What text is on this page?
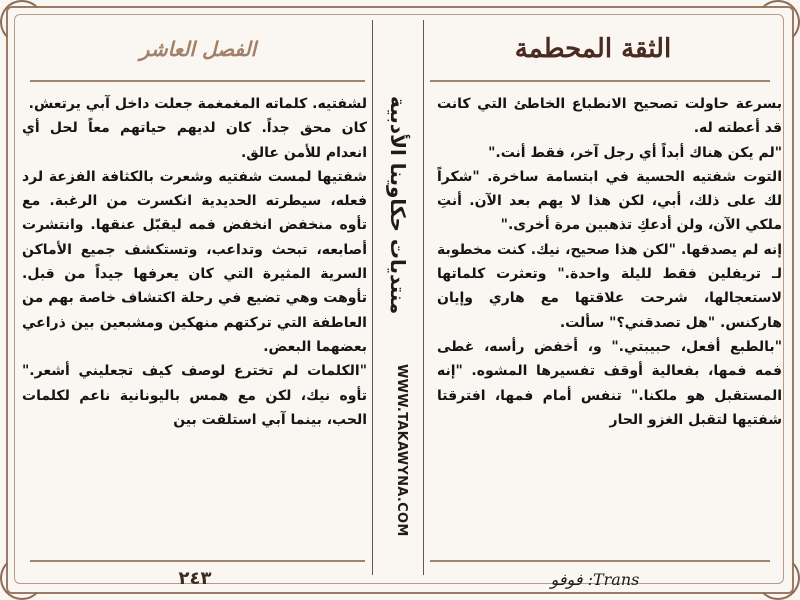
الثقة المحطمة
الفصل العاشر

بسرعة حاولت تصحيح الانطباع الخاطئ التي كانت قد أعطته له.

"لم يكن هناك أبداً أي رجل آخر، فقط أنت."

التوت شفتيه الحسية في ابتسامة ساخرة. "شكراً لك على ذلك، أبي، لكن هذا لا يهم بعد الآن. أنتِ ملكي الآن، ولن أدعكِ تذهبين مرة أخرى."

إنه لم يصدقها. "لكن هذا صحيح، نيك. كنت مخطوبة لـ تريفلين فقط لليلة واحدة." وتعثرت كلماتها لاستعجالها، شرحت علاقتها مع هاري وإيان هاركنس. "هل تصدقني؟" سألت.

"بالطبع أفعل، حبيبتي." و، أخفض رأسه، غطى فمه فمها، بفعالية أوقف تفسيرها المشوه. "إنه المستقبل هو ملكنا." تنفس أمام فمها، افترقتا شفتيها لتقبل الغزو الحار

لشفتيه. كلماته المغمغمة جعلت داخل آبي يرتعش.

كان محق جداً. كان لديهم حياتهم معاً لحل أي انعدام للأمن عالق.

شفتيها لمست شفتيه وشعرت بالكثافة الفزعة لرد فعله، سيطرته الحديدية انكسرت من الرغبة. مع تأوه منخفض انخفض فمه ليقبّل عنقها. وانتشرت أصابعه، تبحث وتداعب، وتستكشف جميع الأماكن السرية المثيرة التي كان يعرفها جيداً من قبل. تأوهت وهي تضيع في رحلة اكتشاف خاصة بهم من العاطفة التي تركتهم منهكين ومشبعين بين ذراعي بعضهما البعض.

"الكلمات لم تخترع لوصف كيف تجعليني أشعر." تأوه نيك، لكن مع همس باليونانية ناعم لكلمات الحب، بينما آبي استلقت بين

منتديات حكاوينا الأدبية
WWW.TAKAWYNA.COM
٢٤٣	فوفو :Trans
